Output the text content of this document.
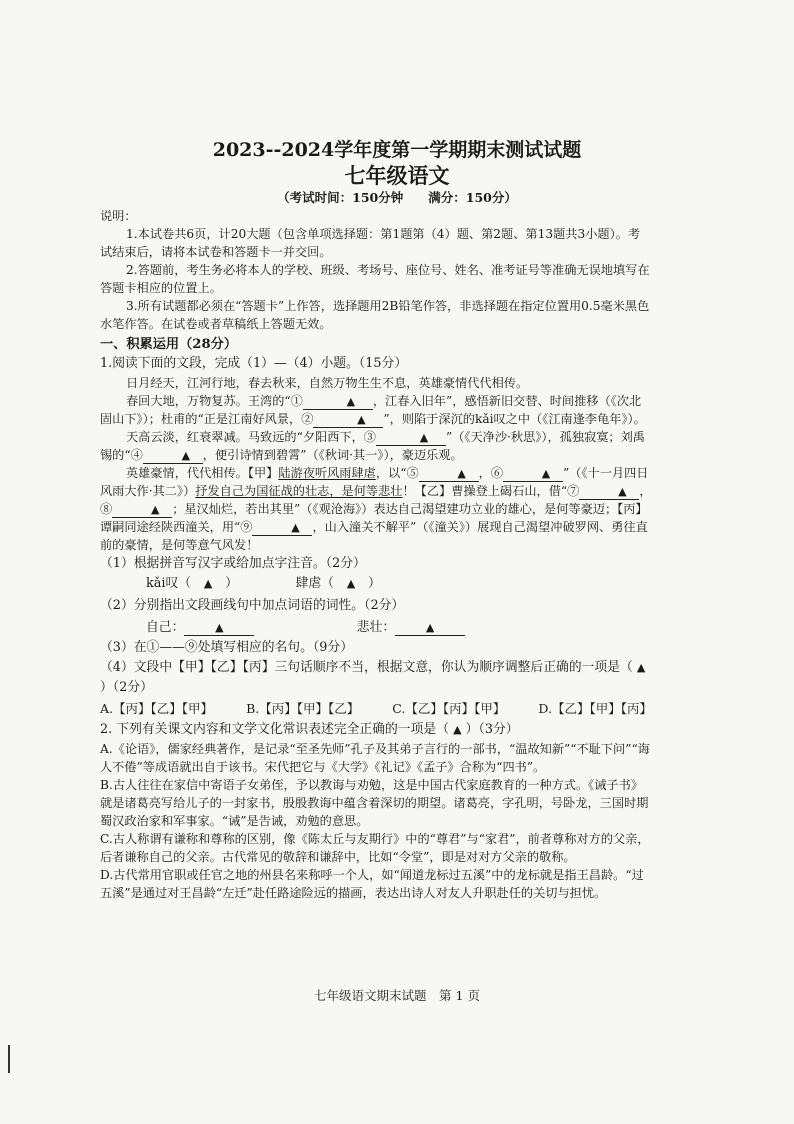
2023--2024学年度第一学期期末测试试题
七年级语文
（考试时间：150分钟　　满分：150分）

说明：

1.本试卷共6页，计20大题（包含单项选择题：第1题第（4）题、第2题、第13题共3小题）。考试结束后，请将本试卷和答题卡一并交回。

2.答题前，考生务必将本人的学校、班级、考场号、座位号、姓名、准考证号等准确无误地填写在答题卡相应的位置上。

3.所有试题都必须在“答题卡”上作答，选择题用2B铅笔作答，非选择题在指定位置用0.5毫米黑色水笔作答。在试卷或者草稿纸上答题无效。

一、积累运用（28分）

1.阅读下面的文段，完成（1）—（4）小题。（15分）

日月经天，江河行地，春去秋来，自然万物生生不息，英雄豪情代代相传。

春回大地，万物复苏。王湾的“①	▲ ，江春入旧年”，感悟新旧交替、时间推移（《次北固山下》）；杜甫的“正是江南好风景，②	▲ ”，则陷于深沉的kǎi叹之中（《江南逢李龟年》）。

天高云淡，红衰翠减。马致远的“夕阳西下，③	▲ ”（《天净沙·秋思》），孤独寂寞；刘禹锡的“④	▲ ，便引诗情到碧霄”（《秋词·其一》），豪迈乐观。

英雄豪情，代代相传。【甲】陆游夜听风雨肆虐，以“⑤	▲ ，⑥	▲ ”（《十一月四日风雨大作·其二》）抒发自己为国征战的壮志，是何等悲壮！【乙】曹操登上碣石山，借“⑦	▲ ，⑧	▲ ；星汉灿烂，若出其里”（《观沧海》）表达自己渴望建功立业的雄心，是何等豪迈；【丙】谭嗣同途经陕西潼关，用“⑨	▲ ，山入潼关不解平”（《潼关》）展现自己渴望冲破罗网、勇往直前的豪情，是何等意气风发！

（1）根据拼音写汉字或给加点字注音。（2分）

kǎi叹（　▲　）　　　　　肆虐（　▲　）

（2）分别指出文段画线句中加点词语的词性。（2分）

自己：	▲　　　　　　　　	悲壮：	▲

（3）在①——⑨处填写相应的名句。（9分）

（4）文段中【甲】【乙】【丙】三句话顺序不当，根据文意，你认为顺序调整后正确的一项是（ ▲ ）（2分）

A.【丙】【乙】【甲】	B.【丙】【甲】【乙】	C.【乙】【丙】【甲】	D.【乙】【甲】【丙】

2. 下列有关课文内容和文学文化常识表述完全正确的一项是（ ▲ ）（3分）

A.《论语》，儒家经典著作，是记录“至圣先师”孔子及其弟子言行的一部书，“温故知新”“不耻下问”“诲人不倦”等成语就出自于该书。宋代把它与《大学》《礼记》《孟子》合称为“四书”。

B.古人往往在家信中寄语子女弟侄，予以教诲与劝勉，这是中国古代家庭教育的一种方式。《诫子书》就是诸葛亮写给儿子的一封家书，殷殷教诲中蕴含着深切的期望。诸葛亮，字孔明，号卧龙，三国时期蜀汉政治家和军事家。“诫”是告诫，劝勉的意思。

C.古人称谓有谦称和尊称的区别，像《陈太丘与友期行》中的“尊君”与“家君”，前者尊称对方的父亲，后者谦称自己的父亲。古代常见的敬辞和谦辞中，比如“令堂”，即是对对方父亲的敬称。

D.古代常用官职或任官之地的州县名来称呼一个人，如“闻道龙标过五溪”中的龙标就是指王昌龄。“过五溪”是通过对王昌龄“左迁”赴任路途险远的描画，表达出诗人对友人升职赴任的关切与担忧。

七年级语文期末试题　第 1 页
